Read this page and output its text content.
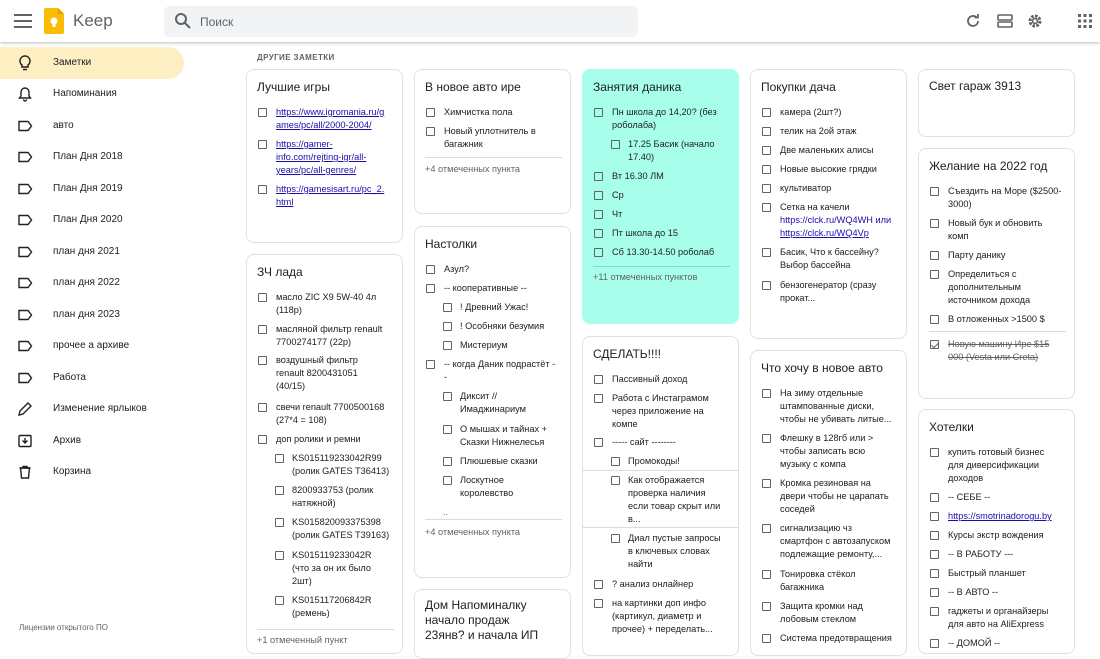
Keep
Поиск
Заметки
Напоминания
авто
План Дня 2018
План Дня 2019
План Дня 2020
план дня 2021
план дня 2022
план дня 2023
прочее а архиве
Работа
Изменение ярлыков
Архив
Корзина
Лицензии открытого ПО
ДРУГИЕ ЗАМЕТКИ
Лучшие игры
https://www.igromania.ru/g
ames/pc/all/2000-2004/
https://gamer-
info.com/rejting-igr/all-
years/pc/all-genres/
https://gamesisart.ru/pc_2.
html
ЗЧ лада
масло ZIC X9 5W-40 4л
(118р)
масляной фильтр renault
7700274177 (22р)
воздушный фильтр
renault 8200431051
(40/15)
свечи renault 7700500168
(27*4 = 108)
доп ролики и ремни
KS015119233042R99
(ролик GATES T36413)
8200933753 (ролик
натяжной)
KS015820093375398
(ролик GATES T39163)
KS015119233042R
(что за он их было
2шт)
KS015117206842R
(ремень)
+1 отмеченный пункт
В новое авто ире
Химчистка пола
Новый уплотнитель в
багажник
+4 отмеченных пункта
Настолки
Азул?
-- кооперативные --
! Древний Ужас!
! Особняки безумия
Мистериум
-- когда Даник подрастёт -
-
Диксит //
Имаджинариум
О мышах и тайнах +
Сказки Нижнелесья
Плюшевые сказки
Лоскутное
королевство
..
+4 отмеченных пункта
Дом Напоминалку
начало продаж
23янв? и начала ИП
Занятия даника
Пн школа до 14,20? (без
роболаба)
17.25 Басик (начало
17.40)
Вт 16.30 ЛМ
Ср
Чт
Пт школа до 15
Сб 13.30-14.50 роболаб
+11 отмеченных пунктов
СДЕЛАТЬ!!!!
Пассивный доход
Работа с Инстаграмом
через приложение на
компе
----- сайт --------
Промокоды!
Как отображается
проверка наличия
если товар скрыт или
в...
Диал пустые запросы
в ключевых словах
найти
? анализ онлайнер
на картинки доп инфо
(картикул, диаметр и
прочее) + переделать...
Покупки дача
камера (2шт?)
телик на 2ой этаж
Две маленьких алисы
Новые высокие грядки
культиватор
Сетка на качели
https://clck.ru/WQ4WH или
https://clck.ru/WQ4Vp
Басик, Что к бассейну?
Выбор бассейна
бензогенератор (сразу
прокат...
Что хочу в новое авто
На зиму отдельные
штампованные диски,
чтобы не убивать литые...
Флешку в 128гб или >
чтобы записать всю
музыку с компа
Кромка резиновая на
двери чтобы не царапать
соседей
сигнализацию чз
смартфон с автозапуском
подлежащие ремонту,...
Тонировка стёкол
багажника
Защита кромки над
лобовым стеклом
Система предотвращения
Свет гараж 3913
Желание на 2022 год
Съездить на Море ($2500-
3000)
Новый бук и обновить
комп
Парту данику
Определиться с
дополнительным
источником дохода
В отложенных >1500 $
Новую машину Ире $15
000 (Vesta или Creta)
Хотелки
купить готовый бизнес
для диверсификации
доходов
-- СЕБЕ --
https://smotrinadorogu.by
Курсы экстр вождения
-- В РАБОТУ ---
Быстрый планшет
-- В АВТО --
гаджеты и органайзеры
для авто на AliExpress
-- ДОМОЙ --
